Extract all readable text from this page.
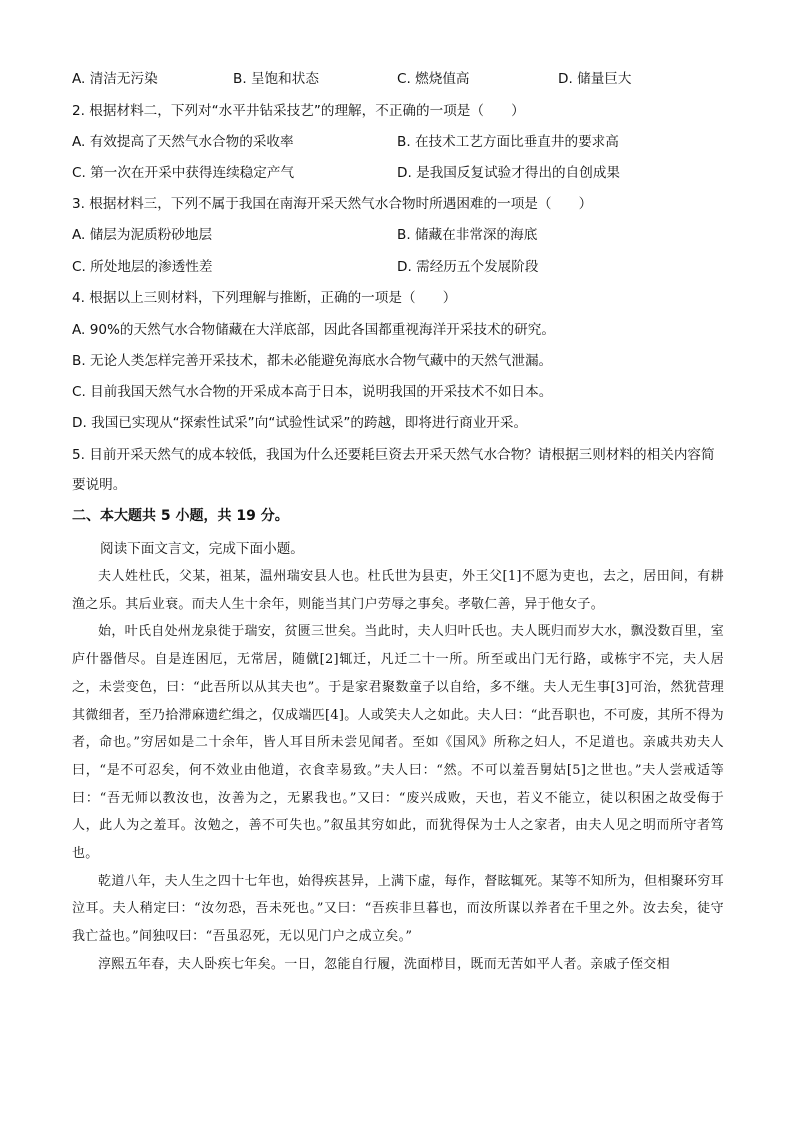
A. 清洁无污染	B. 呈饱和状态	C. 燃烧值高	D. 储量巨大
2. 根据材料二，下列对“水平井钻采技艺”的理解，不正确的一项是（　　）
A. 有效提高了天然气水合物的采收率	B. 在技术工艺方面比垂直井的要求高
C. 第一次在开采中获得连续稳定产气	D. 是我国反复试验才得出的自创成果
3. 根据材料三，下列不属于我国在南海开采天然气水合物时所遇困难的一项是（　　）
A. 储层为泥质粉砂地层	B. 储藏在非常深的海底
C. 所处地层的渗透性差	D. 需经历五个发展阶段
4. 根据以上三则材料，下列理解与推断，正确的一项是（　　）
A. 90%的天然气水合物储藏在大洋底部，因此各国都重视海洋开采技术的研究。
B. 无论人类怎样完善开采技术，都未必能避免海底水合物气藏中的天然气泄漏。
C. 目前我国天然气水合物的开采成本高于日本，说明我国的开采技术不如日本。
D. 我国已实现从“探索性试采”向“试验性试采”的跨越，即将进行商业开采。
5. 目前开采天然气的成本较低，我国为什么还要耗巨资去开采天然气水合物？请根据三则材料的相关内容简要说明。
二、本大题共 5 小题，共 19 分。
阅读下面文言文，完成下面小题。

夫人姓杜氏，父某，祖某，温州瑞安县人也。杜氏世为县吏，外王父[1]不愿为吏也，去之，居田间，有耕渔之乐。其后业衰。而夫人生十余年，则能当其门户劳辱之事矣。孝敬仁善，异于他女子。

始，叶氏自处州龙泉徙于瑞安，贫匮三世矣。当此时，夫人归叶氏也。夫人既归而岁大水，飘没数百里，室庐什器偕尽。自是连困厄，无常居，随僦[2]辄迁，凡迁二十一所。所至或出门无行路，或栋宇不完，夫人居之，未尝变色，曰：“此吾所以从其夫也”。于是家君聚数童子以自给，多不继。夫人无生事[3]可治，然犹营理其微细者，至乃拾滞麻遗纻缉之，仅成端匹[4]。人或笑夫人之如此。夫人曰：“此吾职也，不可废，其所不得为者，命也。”穷居如是二十余年，皆人耳目所未尝见闻者。至如《国风》所称之妇人，不足道也。亲戚共劝夫人曰，“是不可忍矣，何不效业由他道，衣食幸易致。”夫人曰：“然。不可以羞吾舅姑[5]之世也。”夫人尝戒适等曰：“吾无师以教汝也，汝善为之，无累我也。”又曰：“废兴成败，天也，若义不能立，徒以积困之故受侮于人，此人为之羞耳。汝勉之，善不可失也。”叙虽其穷如此，而犹得保为士人之家者，由夫人见之明而所守者笃也。

乾道八年，夫人生之四十七年也，始得疾甚异，上满下虚，每作，督眩辄死。某等不知所为，但相聚环穷耳泣耳。夫人稍定曰：“汝勿恐，吾未死也。”又曰：“吾疾非旦暮也，而汝所谋以养者在千里之外。汝去矣，徒守我亡益也。”间独叹曰：“吾虽忍死，无以见门户之成立矣。”

淳熙五年春，夫人卧疾七年矣。一日，忽能自行履，洗面栉目，既而无苦如平人者。亲戚子侄交相
